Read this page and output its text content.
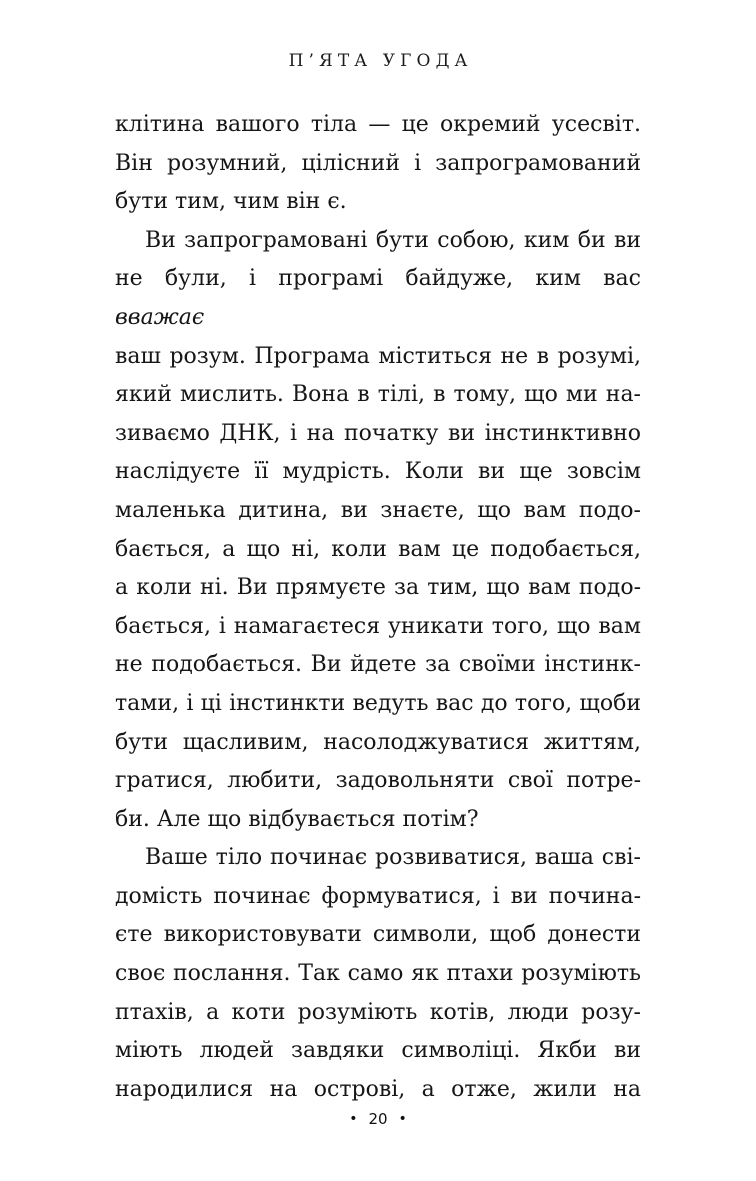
П’ЯТА УГОДА
клітина вашого тіла — це окремий усесвіт.
Він розумний, цілісний і запрограмований
бути тим, чим він є.
Ви запрограмовані бути собою, ким би ви
не були, і програмі байдуже, ким вас вважає
ваш розум. Програма міститься не в розумі,
який мислить. Вона в тілі, в тому, що ми на-
зиваємо ДНК, і на початку ви інстинктивно
наслідуєте її мудрість. Коли ви ще зовсім
маленька дитина, ви знаєте, що вам подо-
бається, а що ні, коли вам це подобається,
а коли ні. Ви прямуєте за тим, що вам подо-
бається, і намагаєтеся уникати того, що вам
не подобається. Ви йдете за своїми інстинк-
тами, і ці інстинкти ведуть вас до того, щоби
бути щасливим, насолоджуватися життям,
гратися, любити, задовольняти свої потре-
би. Але що відбувається потім?
Ваше тіло починає розвиватися, ваша сві-
домість починає формуватися, і ви почина-
єте використовувати символи, щоб донести
своє послання. Так само як птахи розуміють
птахів, а коти розуміють котів, люди розу-
міють людей завдяки символіці. Якби ви
народилися на острові, а отже, жили на
• 20 •
